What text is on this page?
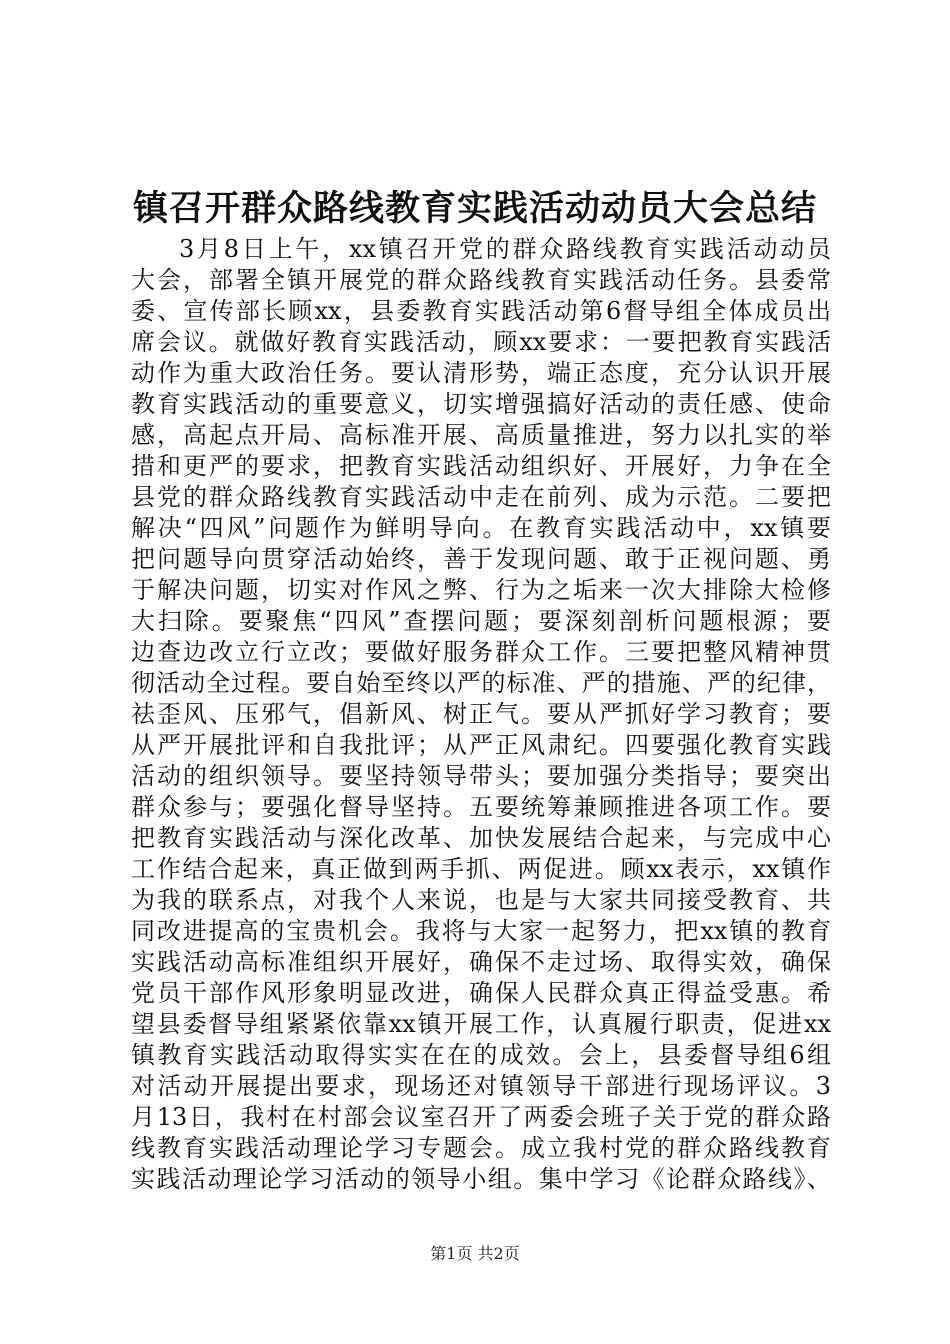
镇召开群众路线教育实践活动动员大会总结
3月8日上午，xx镇召开党的群众路线教育实践活动动员
大会，部署全镇开展党的群众路线教育实践活动任务。县委常
委、宣传部长顾xx，县委教育实践活动第6督导组全体成员出
席会议。就做好教育实践活动，顾xx要求：一要把教育实践活
动作为重大政治任务。要认清形势，端正态度，充分认识开展
教育实践活动的重要意义，切实增强搞好活动的责任感、使命
感，高起点开局、高标准开展、高质量推进，努力以扎实的举
措和更严的要求，把教育实践活动组织好、开展好，力争在全
县党的群众路线教育实践活动中走在前列、成为示范。二要把
解决“四风”问题作为鲜明导向。在教育实践活动中，xx镇要
把问题导向贯穿活动始终，善于发现问题、敢于正视问题、勇
于解决问题，切实对作风之弊、行为之垢来一次大排除大检修
大扫除。要聚焦“四风”查摆问题；要深刻剖析问题根源；要
边查边改立行立改；要做好服务群众工作。三要把整风精神贯
彻活动全过程。要自始至终以严的标准、严的措施、严的纪律，
祛歪风、压邪气，倡新风、树正气。要从严抓好学习教育；要
从严开展批评和自我批评；从严正风肃纪。四要强化教育实践
活动的组织领导。要坚持领导带头；要加强分类指导；要突出
群众参与；要强化督导坚持。五要统筹兼顾推进各项工作。要
把教育实践活动与深化改革、加快发展结合起来，与完成中心
工作结合起来，真正做到两手抓、两促进。顾xx表示，xx镇作
为我的联系点，对我个人来说，也是与大家共同接受教育、共
同改进提高的宝贵机会。我将与大家一起努力，把xx镇的教育
实践活动高标准组织开展好，确保不走过场、取得实效，确保
党员干部作风形象明显改进，确保人民群众真正得益受惠。希
望县委督导组紧紧依靠xx镇开展工作，认真履行职责，促进xx
镇教育实践活动取得实实在在的成效。会上，县委督导组6组
对活动开展提出要求，现场还对镇领导干部进行现场评议。3
月13日，我村在村部会议室召开了两委会班子关于党的群众路
线教育实践活动理论学习专题会。成立我村党的群众路线教育
实践活动理论学习活动的领导小组。集中学习《论群众路线》、
第1页 共2页
